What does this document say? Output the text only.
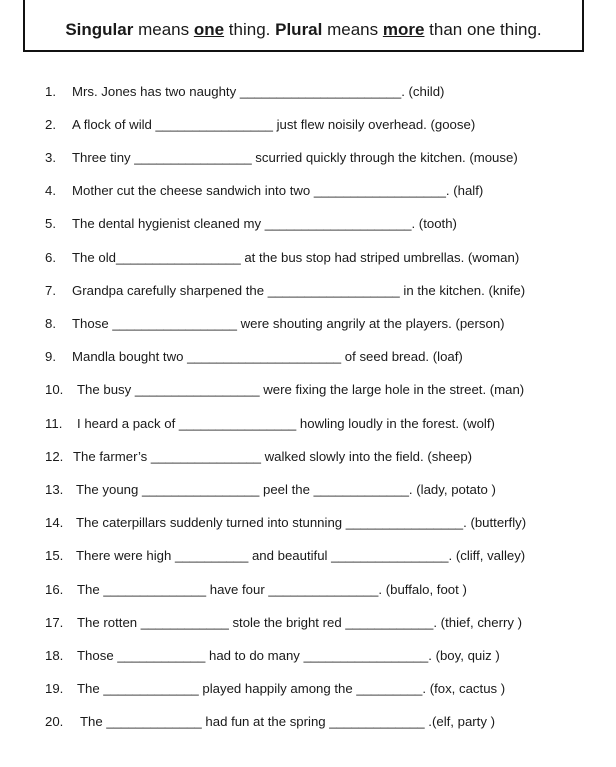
Singular means one thing. Plural means more than one thing.
1. Mrs. Jones has two naughty ______________________. (child)
2. A flock of wild ________________ just flew noisily overhead. (goose)
3. Three tiny ________________ scurried quickly through the kitchen. (mouse)
4. Mother cut the cheese sandwich into two __________________. (half)
5. The dental hygienist cleaned my ____________________. (tooth)
6. The old_________________ at the bus stop had striped umbrellas. (woman)
7. Grandpa carefully sharpened the __________________ in the kitchen. (knife)
8. Those _________________ were shouting angrily at the players. (person)
9. Mandla bought two _____________________ of seed bread. (loaf)
10. The busy _________________ were fixing the large hole in the street. (man)
11. I heard a pack of ________________ howling loudly in the forest. (wolf)
12. The farmer’s _______________ walked slowly into the field. (sheep)
13. The young ________________ peel the _____________. (lady, potato )
14. The caterpillars suddenly turned into stunning ________________. (butterfly)
15. There were high __________ and beautiful ________________. (cliff, valley)
16. The ______________ have four _______________. (buffalo, foot )
17. The rotten ____________ stole the bright red ____________. (thief, cherry )
18. Those ____________ had to do many _________________. (boy, quiz )
19. The _____________ played happily among the _________. (fox, cactus )
20. The _____________ had fun at the spring _____________ .(elf, party )
